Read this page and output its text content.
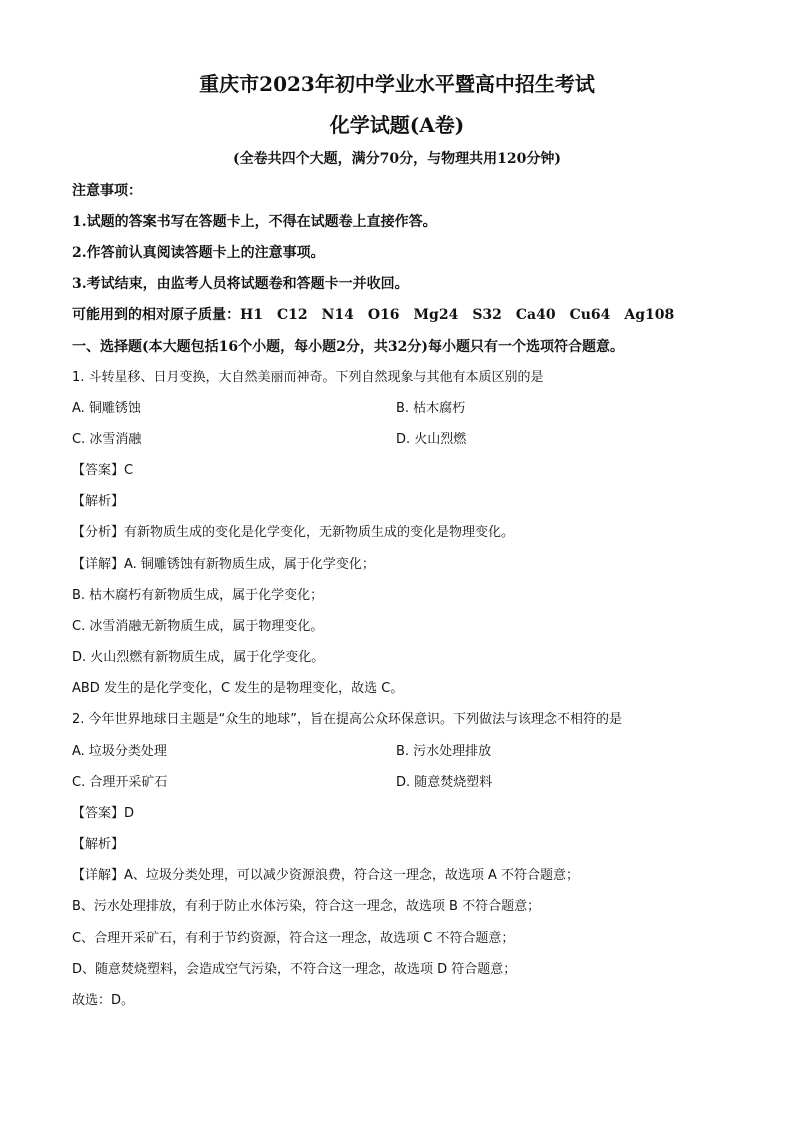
重庆市2023年初中学业水平暨高中招生考试
化学试题(A卷)
(全卷共四个大题，满分70分，与物理共用120分钟)
注意事项：
1.试题的答案书写在答题卡上，不得在试题卷上直接作答。
2.作答前认真阅读答题卡上的注意事项。
3.考试结束，由监考人员将试题卷和答题卡一并收回。
可能用到的相对原子质量：H1　C12　N14　O16　Mg24　S32　Ca40　Cu64　Ag108
一、选择题(本大题包括16个小题，每小题2分，共32分)每小题只有一个选项符合题意。
1. 斗转星移、日月变换，大自然美丽而神奇。下列自然现象与其他有本质区别的是
A. 铜雕锈蚀	B. 枯木腐朽
C. 冰雪消融	D. 火山烈燃
【答案】C
【解析】
【分析】有新物质生成的变化是化学变化，无新物质生成的变化是物理变化。
【详解】A. 铜雕锈蚀有新物质生成，属于化学变化；
B. 枯木腐朽有新物质生成，属于化学变化；
C. 冰雪消融无新物质生成，属于物理变化。
D. 火山烈燃有新物质生成，属于化学变化。
ABD 发生的是化学变化，C 发生的是物理变化，故选 C。
2. 今年世界地球日主题是“众生的地球”，旨在提高公众环保意识。下列做法与该理念不相符的是
A. 垃圾分类处理	B. 污水处理排放
C. 合理开采矿石	D. 随意焚烧塑料
【答案】D
【解析】
【详解】A、垃圾分类处理，可以减少资源浪费，符合这一理念，故选项 A 不符合题意；
B、污水处理排放，有利于防止水体污染，符合这一理念，故选项 B 不符合题意；
C、合理开采矿石，有利于节约资源，符合这一理念，故选项 C 不符合题意；
D、随意焚烧塑料，会造成空气污染，不符合这一理念，故选项 D 符合题意；
故选：D。
